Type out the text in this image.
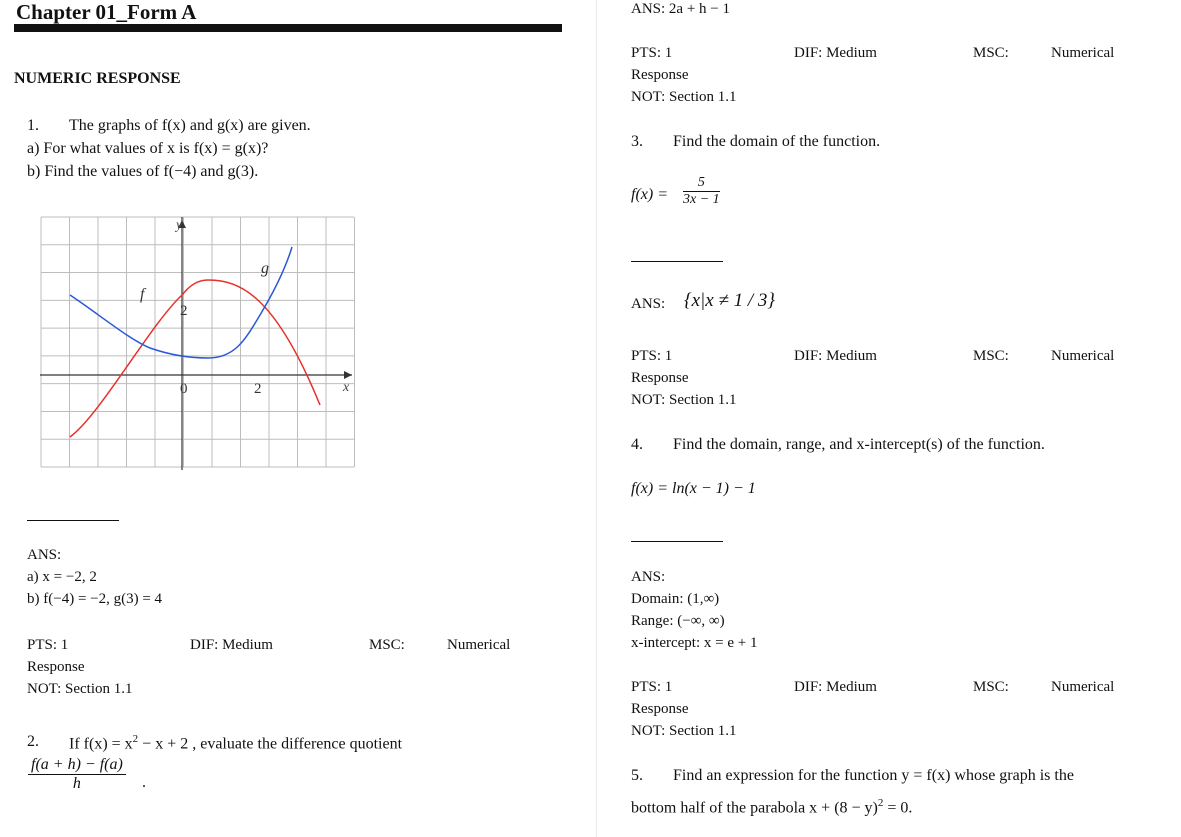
Chapter 01_Form A
NUMERIC RESPONSE
1. The graphs of f(x) and g(x) are given.
a) For what values of x is f(x) = g(x)?
b) Find the values of f(−4) and g(3).
y
f
g
2
0	2	x
ANS:
a) x = −2, 2
b) f(−4) = −2, g(3) = 4
PTS: 1	DIF: Medium	MSC:	Numerical
Response
NOT: Section 1.1
2. If $f(x) = x^2 - x + 2$ , evaluate the difference quotient
$\frac{f(a + h) - f(a)}{h}$ .
ANS: 2a + h − 1
PTS: 1	DIF: Medium	MSC:	Numerical
Response
NOT: Section 1.1
3. Find the domain of the function.
$f(x) = \frac{5}{3x - 1}$
ANS: {x|x ≠ 1 / 3}
PTS: 1	DIF: Medium	MSC:	Numerical
Response
NOT: Section 1.1
4. Find the domain, range, and x-intercept(s) of the function.
f(x) = ln(x − 1) − 1
ANS:
Domain: (1,∞)
Range: (−∞, ∞)
x-intercept: x = e + 1
PTS: 1	DIF: Medium	MSC:	Numerical
Response
NOT: Section 1.1
5. Find an expression for the function y = f(x) whose graph is the
bottom half of the parabola $x + (8 - y)^2 = 0$.
